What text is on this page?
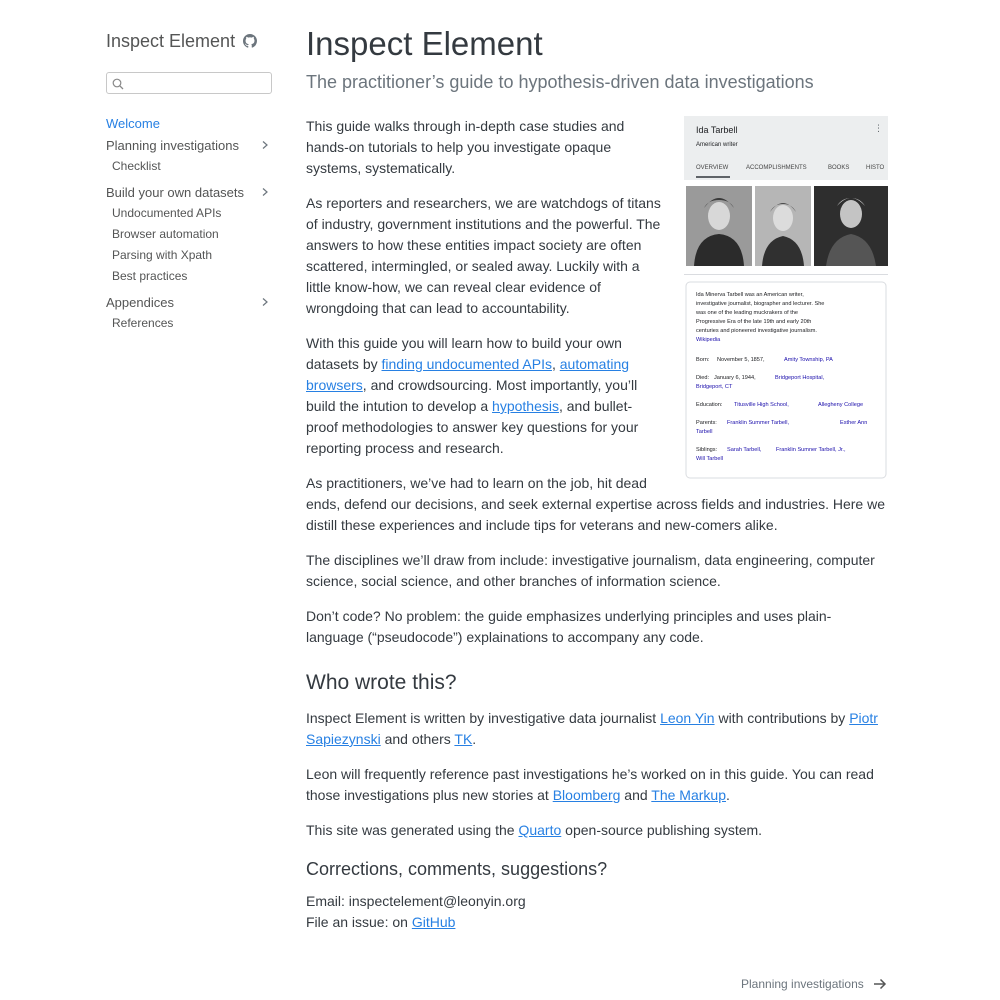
Inspect Element
Welcome
Planning investigations
Checklist
Build your own datasets
Undocumented APIs
Browser automation
Parsing with Xpath
Best practices
Appendices
References
Inspect Element
The practitioner’s guide to hypothesis-driven data investigations
Ida Tarbell
American writer
⋮
OVERVIEW	ACCOMPLISHMENTS	BOOKS	HISTO
Ida Minerva Tarbell was an American writer,
investigative journalist, biographer and lecturer. She
was one of the leading muckrakers of the
Progressive Era of the late 19th and early 20th
centuries and pioneered investigative journalism.
Wikipedia
Born: November 5, 1857,	Amity Township, PA
Died: January 6, 1944,	Bridgeport Hospital,
Bridgeport, CT
Education: Titusville High School,	Allegheny College
Parents: Franklin Summer Tarbell,	Esther Ann
Tarbell
Siblings: Sarah Tarbell,	Franklin Sumner Tarbell, Jr.,
Will Tarbell

This guide walks through in-depth case studies and hands-on tutorials to help you investigate opaque systems, systematically.

As reporters and researchers, we are watchdogs of titans of industry, government institutions and the powerful. The answers to how these entities impact society are often scattered, intermingled, or sealed away. Luckily with a little know-how, we can reveal clear evidence of wrongdoing that can lead to accountability.

With this guide you will learn how to build your own datasets by finding undocumented APIs, automating browsers, and crowdsourcing. Most importantly, you’ll build the intution to develop a hypothesis, and bullet-proof methodologies to answer key questions for your reporting process and research.

As practitioners, we’ve had to learn on the job, hit dead ends, defend our decisions, and seek external expertise across fields and industries. Here we distill these experiences and include tips for veterans and new-comers alike.

The disciplines we’ll draw from include: investigative journalism, data engineering, computer science, social science, and other branches of information science.

Don’t code? No problem: the guide emphasizes underlying principles and uses plain-language (“pseudocode”) explainations to accompany any code.

Who wrote this?

Inspect Element is written by investigative data journalist Leon Yin with contributions by Piotr Sapiezynski and others TK.

Leon will frequently reference past investigations he’s worked on in this guide. You can read those investigations plus new stories at Bloomberg and The Markup.

This site was generated using the Quarto open-source publishing system.

Corrections, comments, suggestions?
Email: inspectelement@leonyin.org
File an issue: on GitHub
Planning investigations
